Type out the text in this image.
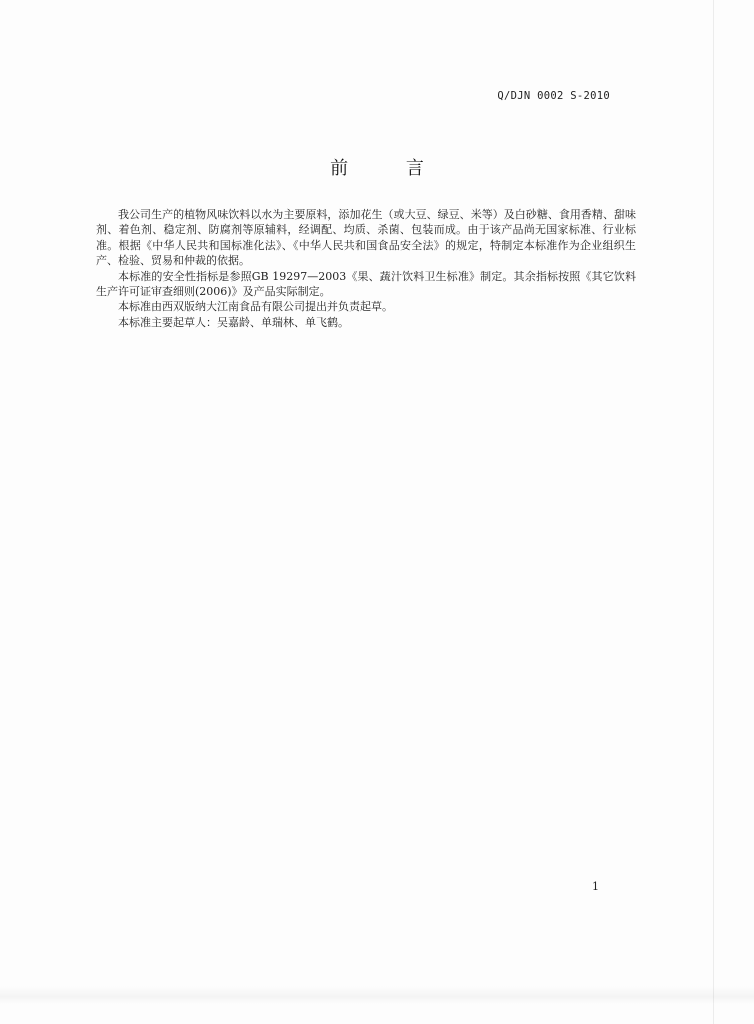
Q/DJN 0002 S-2010
前 言

我公司生产的植物风味饮料以水为主要原料，添加花生（或大豆、绿豆、米等）及白砂糖、食用香精、甜味剂、着色剂、稳定剂、防腐剂等原辅料，经调配、均质、杀菌、包装而成。由于该产品尚无国家标准、行业标准。根据《中华人民共和国标准化法》、《中华人民共和国食品安全法》的规定，特制定本标准作为企业组织生产、检验、贸易和仲裁的依据。

本标准的安全性指标是参照GB 19297—2003《果、蔬汁饮料卫生标准》制定。其余指标按照《其它饮料生产许可证审查细则(2006)》及产品实际制定。

本标准由西双版纳大江南食品有限公司提出并负责起草。

本标准主要起草人：吴嘉龄、单瑞林、单飞鹤。

1
